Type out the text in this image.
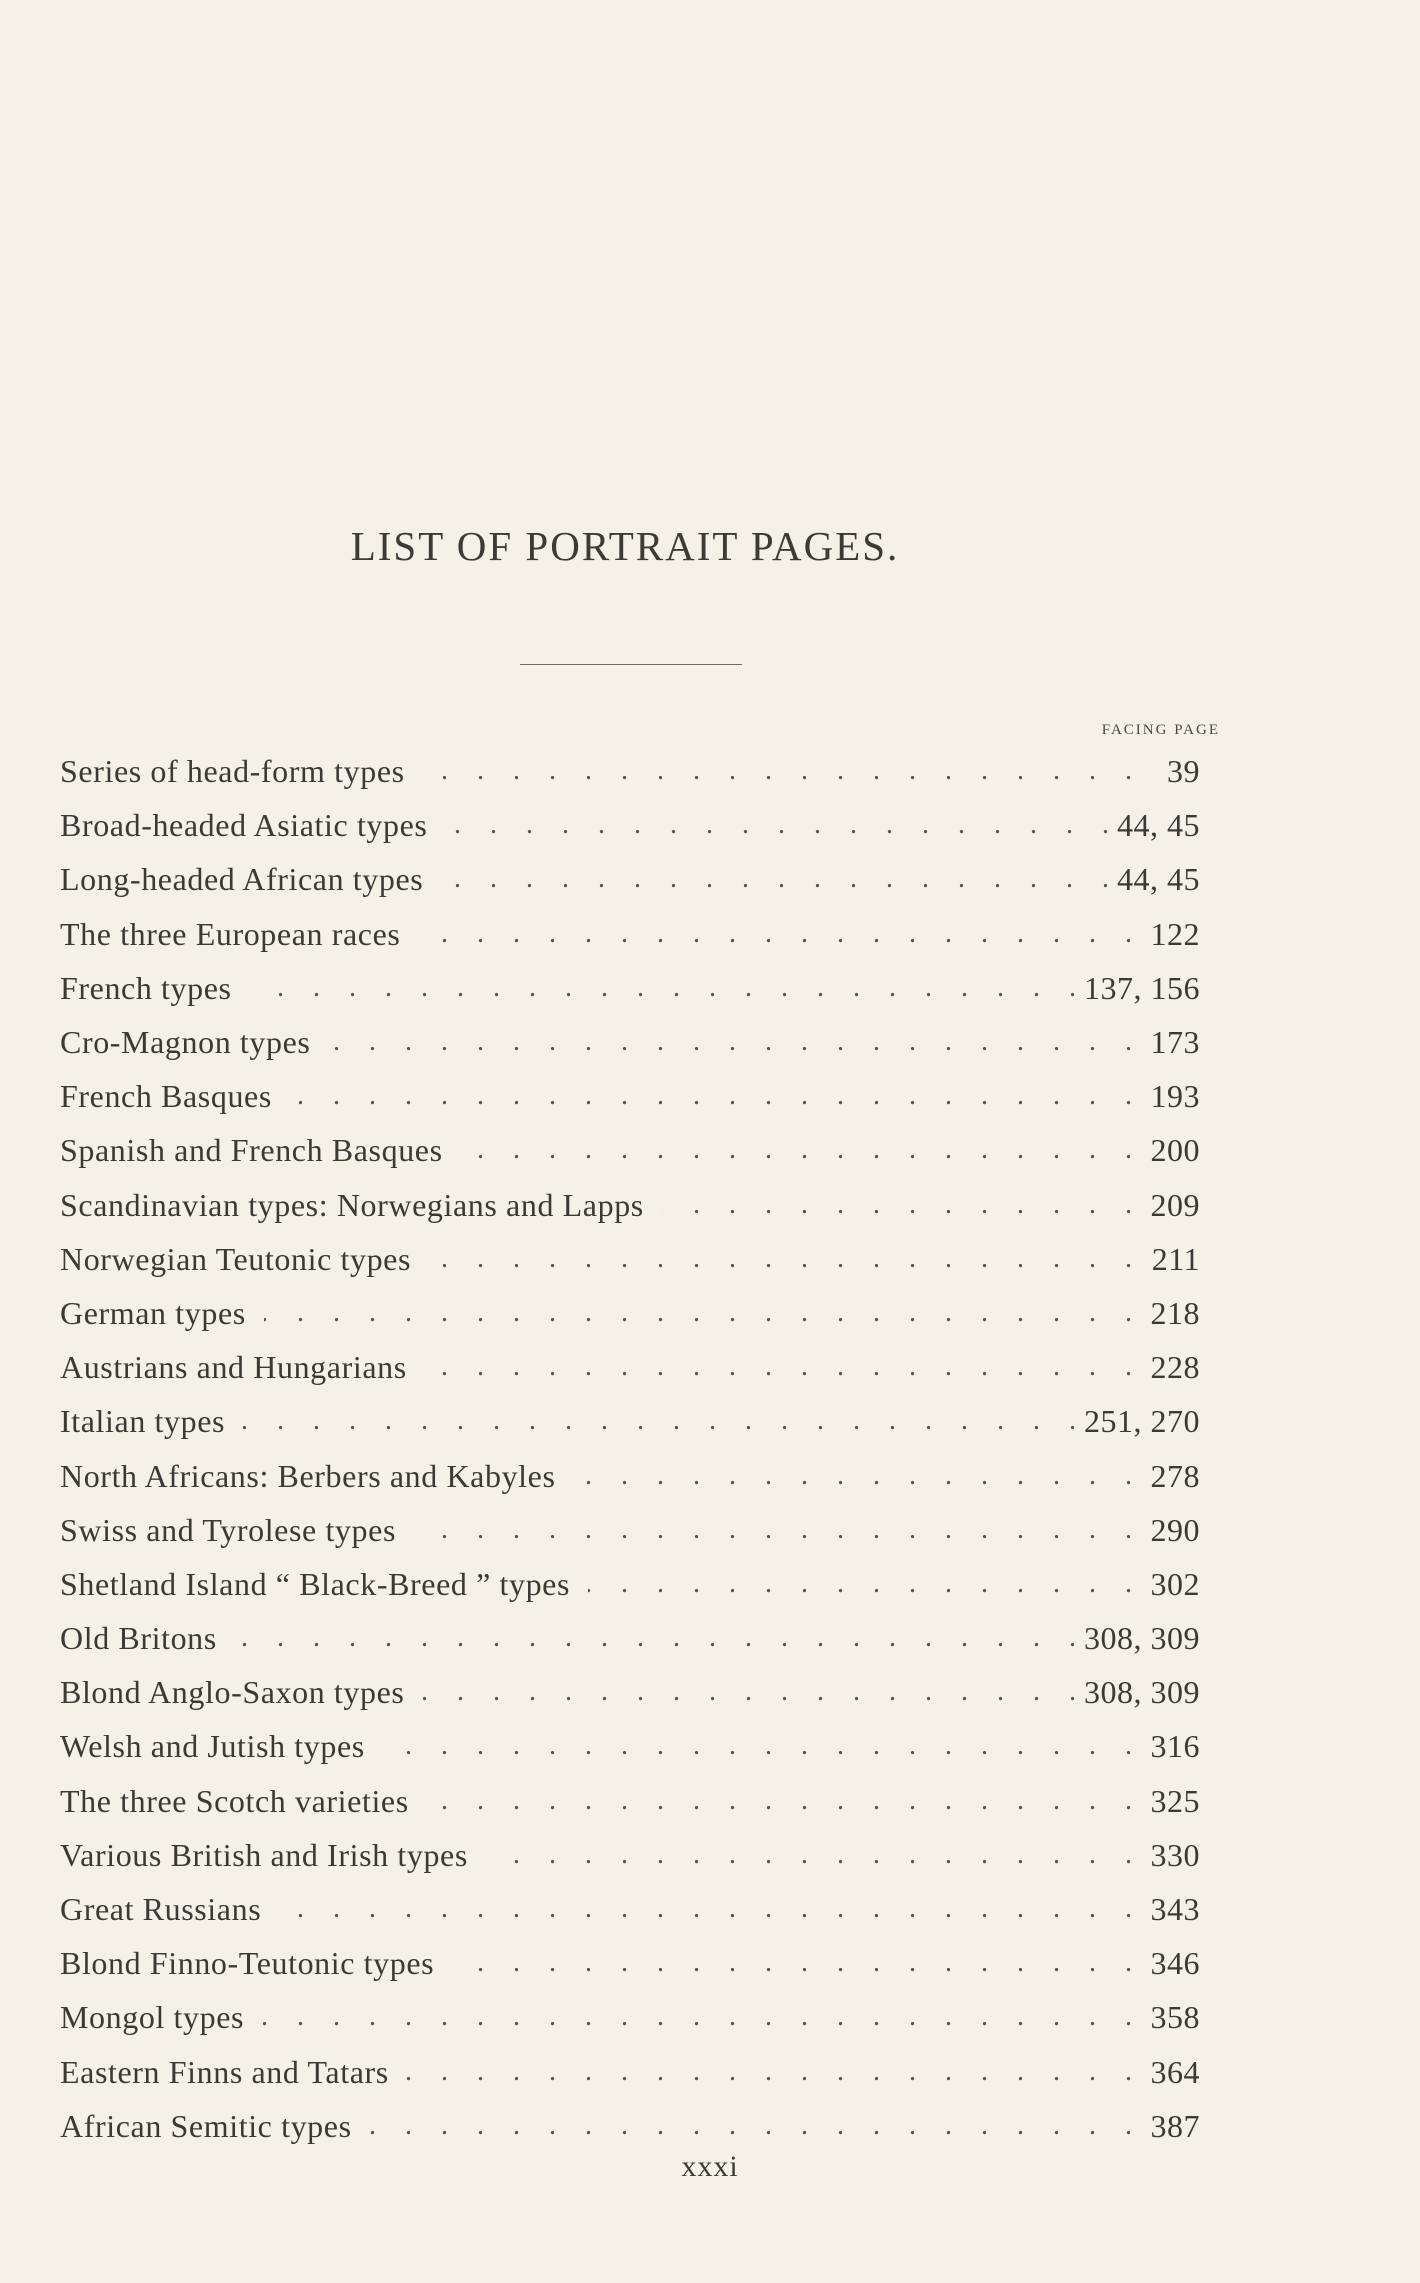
LIST OF PORTRAIT PAGES.
FACING PAGE
Series of head-form types . . .	39
Broad-headed Asiatic types . . .	44, 45
Long-headed African types . . .	44, 45
The three European races . . .	122
French types . . .	137, 156
Cro-Magnon types . . .	173
French Basques . . .	193
Spanish and French Basques . . .	200
Scandinavian types: Norwegians and Lapps . . .	209
Norwegian Teutonic types . . .	211
German types . . .	218
Austrians and Hungarians . . .	228
Italian types . . .	251, 270
North Africans: Berbers and Kabyles . . .	278
Swiss and Tyrolese types . . .	290
Shetland Island “ Black-Breed ” types . . .	302
Old Britons . . .	308, 309
Blond Anglo-Saxon types . . .	308, 309
Welsh and Jutish types . . .	316
The three Scotch varieties . . .	325
Various British and Irish types . . .	330
Great Russians . . .	343
Blond Finno-Teutonic types . . .	346
Mongol types . . .	358
Eastern Finns and Tatars . . .	364
African Semitic types . . .	387
xxxi
